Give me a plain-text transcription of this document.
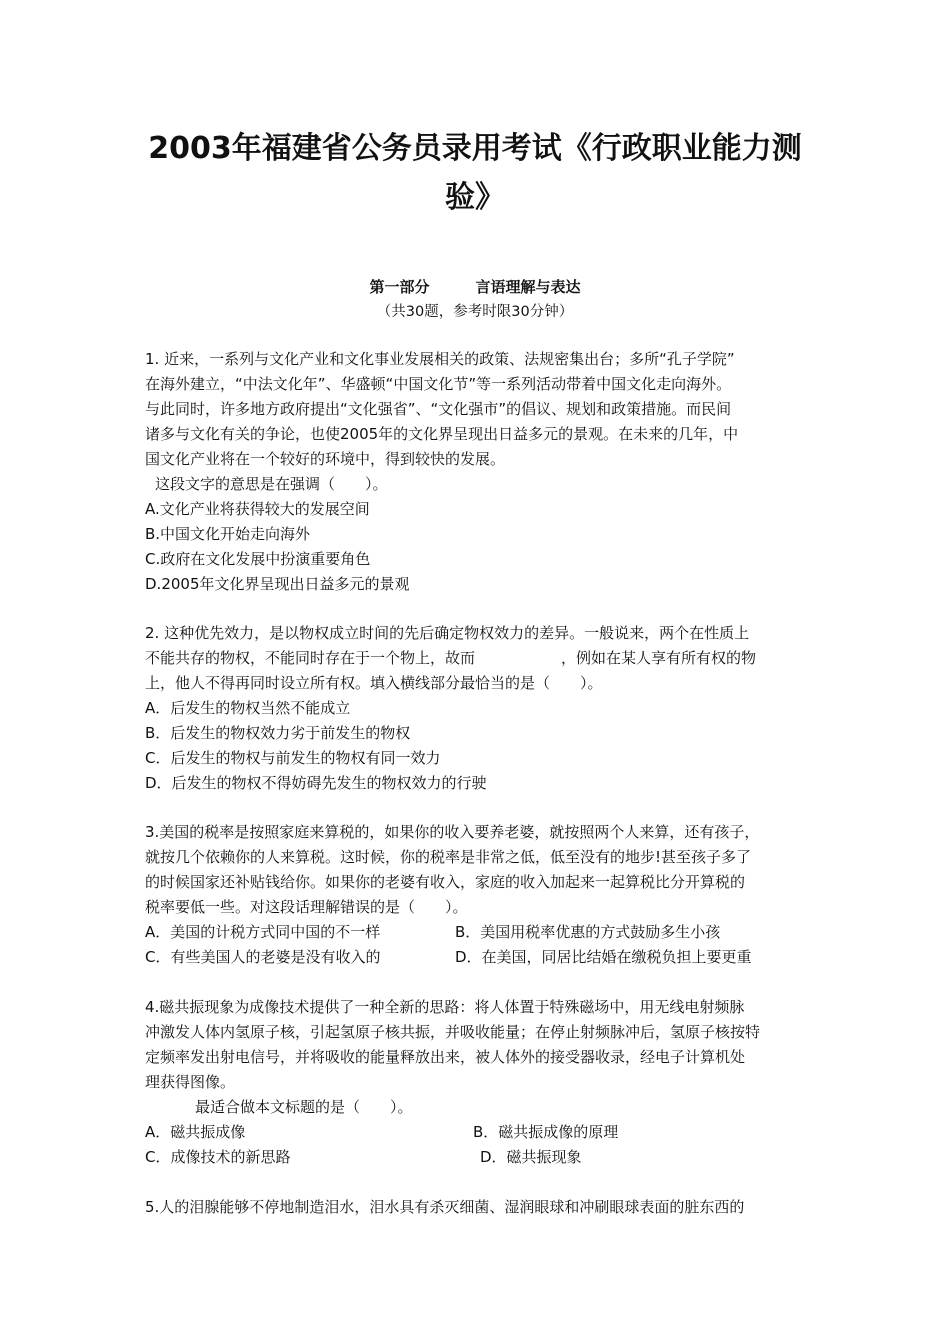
2003年福建省公务员录用考试《行政职业能力测
验》
第一部分	言语理解与表达
（共30题，参考时限30分钟）
1. 近来，一系列与文化产业和文化事业发展相关的政策、法规密集出台；多所“孔子学院”
在海外建立，“中法文化年”、华盛顿“中国文化节”等一系列活动带着中国文化走向海外。
与此同时，许多地方政府提出“文化强省”、“文化强市”的倡议、规划和政策措施。而民间
诸多与文化有关的争论，也使2005年的文化界呈现出日益多元的景观。在未来的几年，中
国文化产业将在一个较好的环境中，得到较快的发展。
这段文字的意思是在强调（　　）。
A.文化产业将获得较大的发展空间
B.中国文化开始走向海外
C.政府在文化发展中扮演重要角色
D.2005年文化界呈现出日益多元的景观
2. 这种优先效力，是以物权成立时间的先后确定物权效力的差异。一般说来，两个在性质上
不能共存的物权，不能同时存在于一个物上，故而	，例如在某人享有所有权的物
上，他人不得再同时设立所有权。填入横线部分最恰当的是（　　）。
A．后发生的物权当然不能成立
B．后发生的物权效力劣于前发生的物权
C．后发生的物权与前发生的物权有同一效力
D．后发生的物权不得妨碍先发生的物权效力的行驶
3.美国的税率是按照家庭来算税的，如果你的收入要养老婆，就按照两个人来算，还有孩子，
就按几个依赖你的人来算税。这时候，你的税率是非常之低，低至没有的地步!甚至孩子多了
的时候国家还补贴钱给你。如果你的老婆有收入，家庭的收入加起来一起算税比分开算税的
税率要低一些。对这段话理解错误的是（　　）。
A．美国的计税方式同中国的不一样	B．美国用税率优惠的方式鼓励多生小孩
C．有些美国人的老婆是没有收入的	D．在美国，同居比结婚在缴税负担上要更重
4.磁共振现象为成像技术提供了一种全新的思路：将人体置于特殊磁场中，用无线电射频脉
冲激发人体内氢原子核，引起氢原子核共振，并吸收能量；在停止射频脉冲后，氢原子核按特
定频率发出射电信号，并将吸收的能量释放出来，被人体外的接受器收录，经电子计算机处
理获得图像。
最适合做本文标题的是（　　）。
A．磁共振成像	B．磁共振成像的原理
C．成像技术的新思路	D．磁共振现象
5.人的泪腺能够不停地制造泪水，泪水具有杀灭细菌、湿润眼球和冲刷眼球表面的脏东西的
